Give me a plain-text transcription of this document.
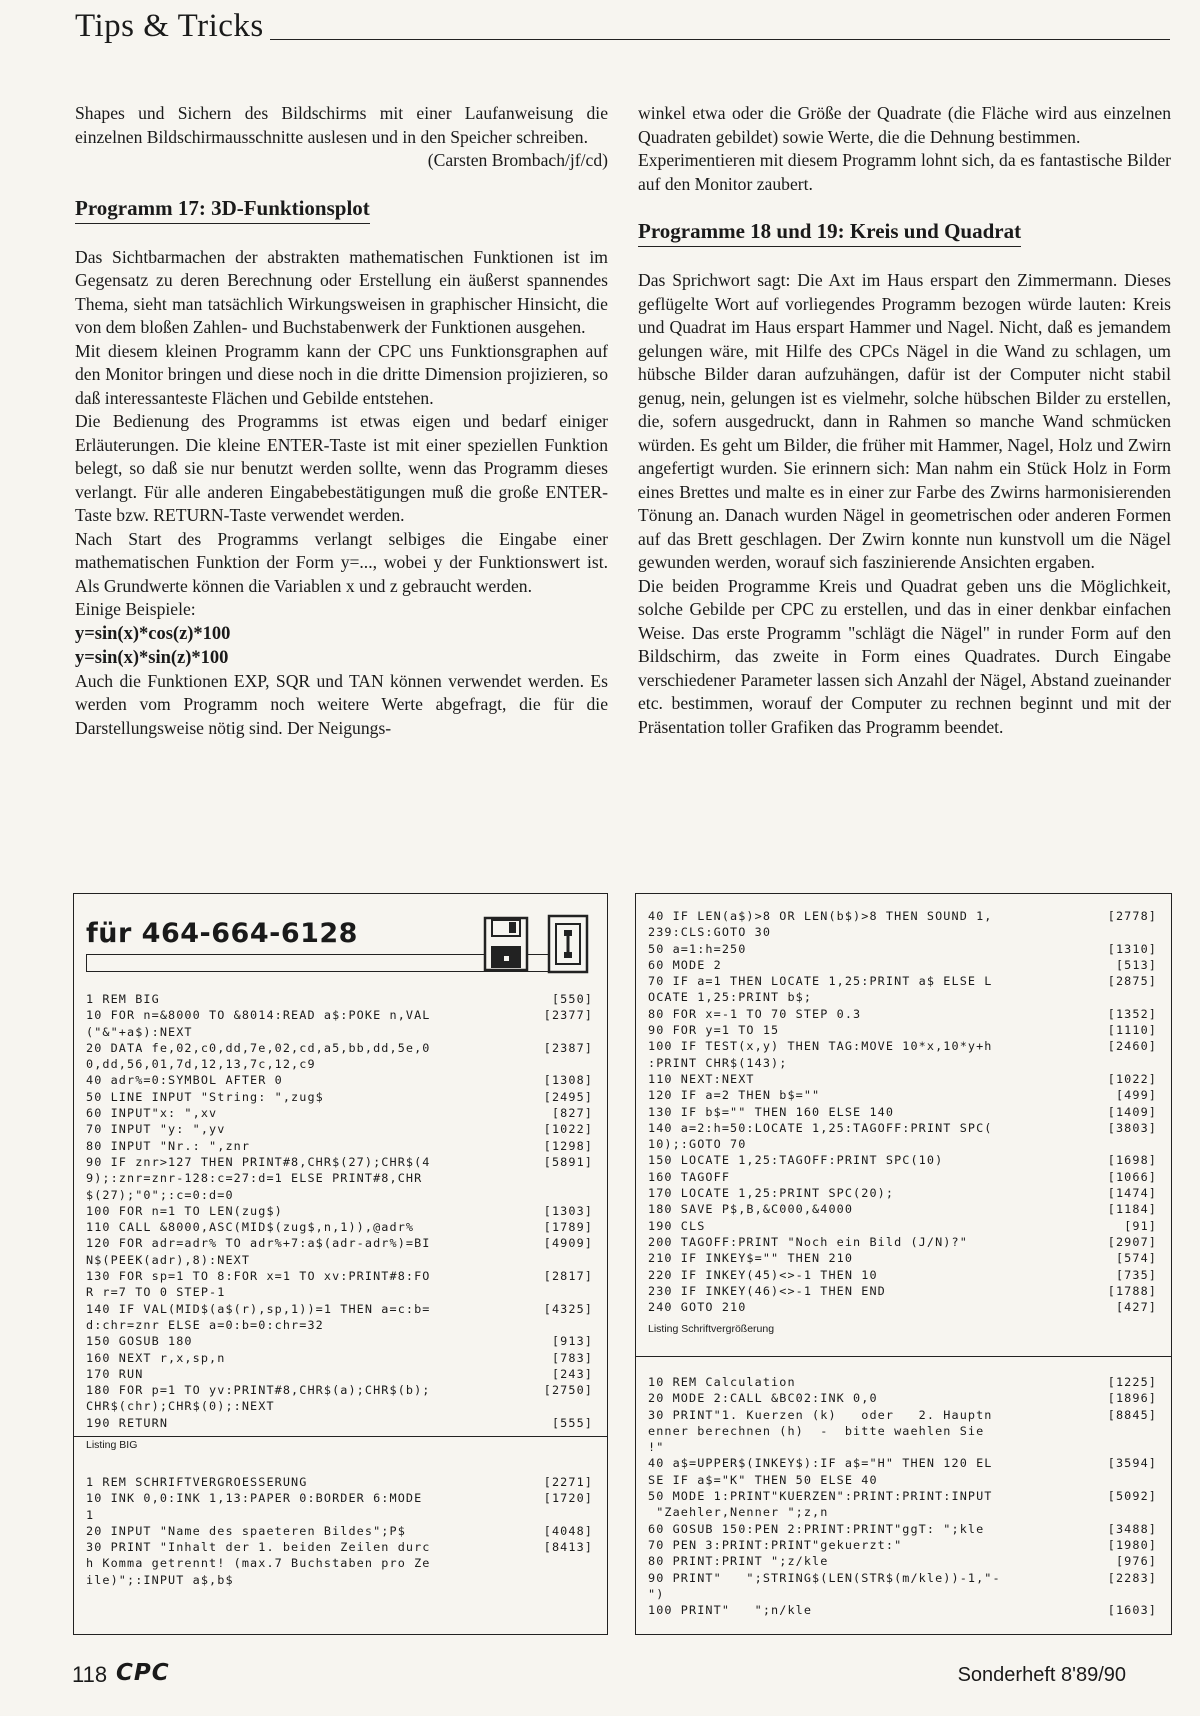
Tips & Tricks

Shapes und Sichern des Bildschirms mit einer Laufanweisung die einzelnen Bildschirmausschnitte auslesen und in den Speicher schreiben.

(Carsten Brombach/jf/cd)

Programm 17: 3D-Funktionsplot

Das Sichtbarmachen der abstrakten mathematischen Funktionen ist im Gegensatz zu deren Berechnung oder Erstellung ein äußerst spannendes Thema, sieht man tatsächlich Wirkungsweisen in graphischer Hinsicht, die von dem bloßen Zahlen- und Buchstabenwerk der Funktionen ausgehen.

Mit diesem kleinen Programm kann der CPC uns Funktionsgraphen auf den Monitor bringen und diese noch in die dritte Dimension projizieren, so daß interessanteste Flächen und Gebilde entstehen.

Die Bedienung des Programms ist etwas eigen und bedarf einiger Erläuterungen. Die kleine ENTER-Taste ist mit einer speziellen Funktion belegt, so daß sie nur benutzt werden sollte, wenn das Programm dieses verlangt. Für alle anderen Eingabebestätigungen muß die große ENTER-Taste bzw. RETURN-Taste verwendet werden.

Nach Start des Programms verlangt selbiges die Eingabe einer mathematischen Funktion der Form y=..., wobei y der Funktionswert ist. Als Grundwerte können die Variablen x und z gebraucht werden.

Einige Beispiele:

y=sin(x)*cos(z)*100

y=sin(x)*sin(z)*100

Auch die Funktionen EXP, SQR und TAN können verwendet werden. Es werden vom Programm noch weitere Werte abgefragt, die für die Darstellungsweise nötig sind. Der Neigungs-

winkel etwa oder die Größe der Quadrate (die Fläche wird aus einzelnen Quadraten gebildet) sowie Werte, die die Dehnung bestimmen.

Experimentieren mit diesem Programm lohnt sich, da es fantastische Bilder auf den Monitor zaubert.

Programme 18 und 19: Kreis und Quadrat

Das Sprichwort sagt: Die Axt im Haus erspart den Zimmermann. Dieses geflügelte Wort auf vorliegendes Programm bezogen würde lauten: Kreis und Quadrat im Haus erspart Hammer und Nagel. Nicht, daß es jemandem gelungen wäre, mit Hilfe des CPCs Nägel in die Wand zu schlagen, um hübsche Bilder daran aufzuhängen, dafür ist der Computer nicht stabil genug, nein, gelungen ist es vielmehr, solche hübschen Bilder zu erstellen, die, sofern ausgedruckt, dann in Rahmen so manche Wand schmücken würden. Es geht um Bilder, die früher mit Hammer, Nagel, Holz und Zwirn angefertigt wurden. Sie erinnern sich: Man nahm ein Stück Holz in Form eines Brettes und malte es in einer zur Farbe des Zwirns harmonisierenden Tönung an. Danach wurden Nägel in geometrischen oder anderen Formen auf das Brett geschlagen. Der Zwirn konnte nun kunstvoll um die Nägel gewunden werden, worauf sich faszinierende Ansichten ergaben.

Die beiden Programme Kreis und Quadrat geben uns die Möglichkeit, solche Gebilde per CPC zu erstellen, und das in einer denkbar einfachen Weise. Das erste Programm "schlägt die Nägel" in runder Form auf den Bildschirm, das zweite in Form eines Quadrates. Durch Eingabe verschiedener Parameter lassen sich Anzahl der Nägel, Abstand zueinander etc. bestimmen, worauf der Computer zu rechnen beginnt und mit der Präsentation toller Grafiken das Programm beendet.

für 464-664-6128
1 REM BIG	[550]
10 FOR n=&8000 TO &8014:READ a$:POKE n,VAL	[2377]
("&"+a$):NEXT
20 DATA fe,02,c0,dd,7e,02,cd,a5,bb,dd,5e,0	[2387]
0,dd,56,01,7d,12,13,7c,12,c9
40 adr%=0:SYMBOL AFTER 0	[1308]
50 LINE INPUT "String: ",zug$	[2495]
60 INPUT"x: ",xv	[827]
70 INPUT "y: ",yv	[1022]
80 INPUT "Nr.: ",znr	[1298]
90 IF znr>127 THEN PRINT#8,CHR$(27);CHR$(4	[5891]
9);:znr=znr-128:c=27:d=1 ELSE PRINT#8,CHR
$(27);"0";:c=0:d=0
100 FOR n=1 TO LEN(zug$)	[1303]
110 CALL &8000,ASC(MID$(zug$,n,1)),@adr%	[1789]
120 FOR adr=adr% TO adr%+7:a$(adr-adr%)=BI	[4909]
N$(PEEK(adr),8):NEXT
130 FOR sp=1 TO 8:FOR x=1 TO xv:PRINT#8:FO	[2817]
R r=7 TO 0 STEP-1
140 IF VAL(MID$(a$(r),sp,1))=1 THEN a=c:b=	[4325]
d:chr=znr ELSE a=0:b=0:chr=32
150 GOSUB 180	[913]
160 NEXT r,x,sp,n	[783]
170 RUN	[243]
180 FOR p=1 TO yv:PRINT#8,CHR$(a);CHR$(b);	[2750]
CHR$(chr);CHR$(0);:NEXT
190 RETURN	[555]
Listing BIG
1 REM SCHRIFTVERGROESSERUNG	[2271]
10 INK 0,0:INK 1,13:PAPER 0:BORDER 6:MODE	[1720]
1
20 INPUT "Name des spaeteren Bildes";P$	[4048]
30 PRINT "Inhalt der 1. beiden Zeilen durc	[8413]
h Komma getrennt! (max.7 Buchstaben pro Ze
ile)";:INPUT a$,b$
40 IF LEN(a$)>8 OR LEN(b$)>8 THEN SOUND 1,	[2778]
239:CLS:GOTO 30
50 a=1:h=250	[1310]
60 MODE 2	[513]
70 IF a=1 THEN LOCATE 1,25:PRINT a$ ELSE L	[2875]
OCATE 1,25:PRINT b$;
80 FOR x=-1 TO 70 STEP 0.3	[1352]
90 FOR y=1 TO 15	[1110]
100 IF TEST(x,y) THEN TAG:MOVE 10*x,10*y+h	[2460]
:PRINT CHR$(143);
110 NEXT:NEXT	[1022]
120 IF a=2 THEN b$=""	[499]
130 IF b$="" THEN 160 ELSE 140	[1409]
140 a=2:h=50:LOCATE 1,25:TAGOFF:PRINT SPC(	[3803]
10);:GOTO 70
150 LOCATE 1,25:TAGOFF:PRINT SPC(10)	[1698]
160 TAGOFF	[1066]
170 LOCATE 1,25:PRINT SPC(20);	[1474]
180 SAVE P$,B,&C000,&4000	[1184]
190 CLS	[91]
200 TAGOFF:PRINT "Noch ein Bild (J/N)?"	[2907]
210 IF INKEY$="" THEN 210	[574]
220 IF INKEY(45)<>-1 THEN 10	[735]
230 IF INKEY(46)<>-1 THEN END	[1788]
240 GOTO 210	[427]
Listing Schriftvergrößerung
10 REM Calculation	[1225]
20 MODE 2:CALL &BC02:INK 0,0	[1896]
30 PRINT"1. Kuerzen (k)   oder   2. Hauptn	[8845]
enner berechnen (h)  -  bitte waehlen Sie
!"
40 a$=UPPER$(INKEY$):IF a$="H" THEN 120 EL	[3594]
SE IF a$="K" THEN 50 ELSE 40
50 MODE 1:PRINT"KUERZEN":PRINT:PRINT:INPUT	[5092]
"Zaehler,Nenner ";z,n
60 GOSUB 150:PEN 2:PRINT:PRINT"ggT: ";kle	[3488]
70 PEN 3:PRINT:PRINT"gekuerzt:"	[1980]
80 PRINT:PRINT ";z/kle	[976]
90 PRINT"   ";STRING$(LEN(STR$(m/kle))-1,"-	[2283]
")
100 PRINT"   ";n/kle	[1603]
118 CPC	Sonderheft 8'89/90
